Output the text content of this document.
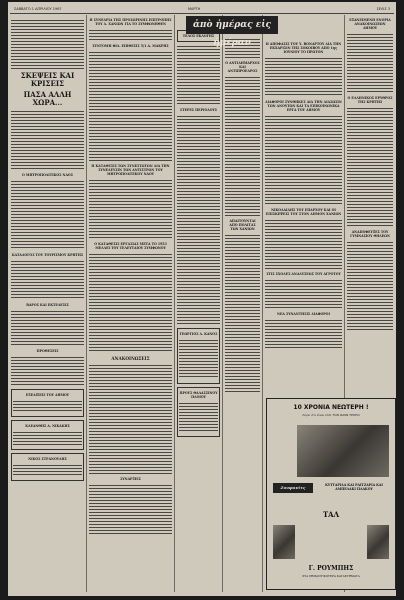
ΣΑΒΒΑΤΟ 1 ΑΠΡΙΛΙΟΥ 1967	ΜΑΡΤΗ	ΣΕΛΙΣ 3
ΣΚΕΨΕΙΣ ΚΑΙ ΚΡΙΣΕΙΣ
ΠΑΣΑ ΑΛΛΗ ΧΩΡΑ...
Ο ΜΗΤΡΟΠΟΛΙΤΙΚΟΣ ΝΑΟΣ
ΚΑΤΑΛΟΓΟΣ ΤΟΥ ΤΟΥΡΙΣΜΟΥ ΚΡΗΤΗΣ
ΒΑΡΟΣ ΚΑΙ ΕΚΤΕΛΕΣΙΣ
ΠΡΟΘΕΣΕΙΣ
ΕΞΕΛΙΞΕΙΣ ΤΟΥ ΔΗΜΟΥ
ΚΛΕΑΝΘΗΣ Α. ΝΙΚΑΚΗΣ
ΝΙΚΟΣ ΣΤΡΑΝΟΥΛΗΣ
Η ΣΥΝΕΔΡΙΑ ΤΗΣ ΠΡΟΣΩΡΙΝΗΣ ΕΠΙΤΡΟΠΗΣ ΤΟΥ Δ. ΧΑΝΙΩΝ ΓΙΑ ΤΟ ΣΥΜΦΩΝΗΘΕΝ
ΣΥΝΤΟΜΗ ΦΙΛ. ΕΠΙΘΕΣΙΣ 5/1 Α. ΜΑΚΡΗΣ
Η ΚΑΤΑΘΕΣΙΣ ΤΩΝ ΣΥΝΕΣΤΩΤΩΝ ΔΙΑ ΤΗΝ ΣΥΝΕΛΕΥΣΙΝ ΤΩΝ ΑΝΤΙΣΤΡΩΝ ΤΟΥ ΜΗΤΡΟΠΟΛΙΤΙΚΟΥ ΝΑΟΥ
Ο ΚΑΤΑΘΕΣΙΣ ΕΡΓΑΣΙΑΣ ΜΕΤΑ ΤΟ 1953 ΜΕΛΛΕΙ ΤΟΥ ΤΕΛΕΥΤΑΙΟΥ ΣΥΜΦΩΝΟΥ
ΑΝΑΚΟΙΝΩΣΕΙΣ
ΣΥΝΑΡΞΕΙΣ
ΤΕΛΟΣ ΕΚΛΟΓΗΣ
ΣΤΕΡΕΣ ΠΕΡΙΟΔΟΥΣ
ΓΕΩΡΓΙΟΣ Δ. ΚΑΝΟΣ
ΠΡΟΥΣ ΘΑΛΑΣΣΙΝΟΥ ΠΛΟΙΟΥ
Ο ΑΝΤΙΔΗΜΑΡΧΟΣ ΚΑΙ ΑΝΤΙΠΡΟΕΔΡΟΣ
ΑΠΑΙΤΟΥΝΤΑΙ ΑΠΟ ΠΟΛΙΤΑΣ ΤΩΝ ΧΑΝΙΩΝ
ἀπὸ ἡμέρας εἰς ἡμέραν	Η ΑΠΟΦΑΣΙΣ ΤΟΥ Υ. ΒΟΝΑΡΤΟΥ ΔΙΑ ΤΗΝ ΕΚΧΑΡΙΣΙΝ ΤΗΣ ΣΟΚΟΙΒΟΥ ΑΠΟ 1ης ΙΟΥΝΙΟΥ ΤΟ ΠΡΩΤΟΝ
ΔΙΑΦΟΡΟΙ ΣΥΝΘΗΚΕΣ ΔΙΑ ΤΗΝ ΔΙΑΣΩΣΙΝ ΤΩΝ ΑΝΟΥΤΩΝ ΚΑΙ ΤΑ ΕΠΙΚΟΙΝΩΝΙΚΑ ΕΡΓΑ ΤΟΥ ΔΗΜΟΥ
ΝΙΚΟΛΑΙΔΗΣ ΤΟΥ ΕΠΑΡΧΟΥ ΚΑΙ ΟΙ ΕΠΙΣΚΕΨΕΙΣ ΤΟΥ ΣΤΟΝ ΔΗΜΟΝ ΧΑΝΙΩΝ
ΣΤΙΣ ΣΧΟΛΕΣ ΑΝΑΛΥΣΕΩΣ ΤΟΥ ΑΓΡΟΤΟΥ
ΝΕΑ ΣΥΝΑΝΤΗΣΙΣ ΔΙΑΦΟΡΟΙ
ΕΞΑΝΕΙΜΕΝΗ ΕΝΟΡΙΑ ΑΝΑΚΟΙΝΩΣΕΩΝ ΔΗΜΟΥ
Ο ΕΛΛΗΝΙΚΟΣ ΕΡΥΘΡΟΣ ΤΗΣ ΚΡΗΤΗΣ
ΑΝΑΠΟΦΕΥΞΕΣ ΤΟΥ ΓΥΜΝΑΣΙΟΥ ΘΗΛΕΩΝ
10 ΧΡΟΝΙΑ ΝΕΩΤΕΡΗ !
Λέγει ότι είναι έτσι ΤΟΝ ΙΔΙΟΝ ΤΡΟΠΟ
Ζουφανίτς	ΚΥΤΤΑΡΙΔΑ ΚΑΙ ΡΑΙΤΖΑΡΙΑ ΚΑΙ ΑΜΠΕΛΑΚΙ ΠΛΑΚΟΥ
ΤΑΛ
Γ. ΡΟΥΜΠΗΣ
ΣΤΑ ΣΗΜΑΝΤΙΚΟΤΕΡΑ ΚΑΤΑΣΤΗΜΑΤΑ
